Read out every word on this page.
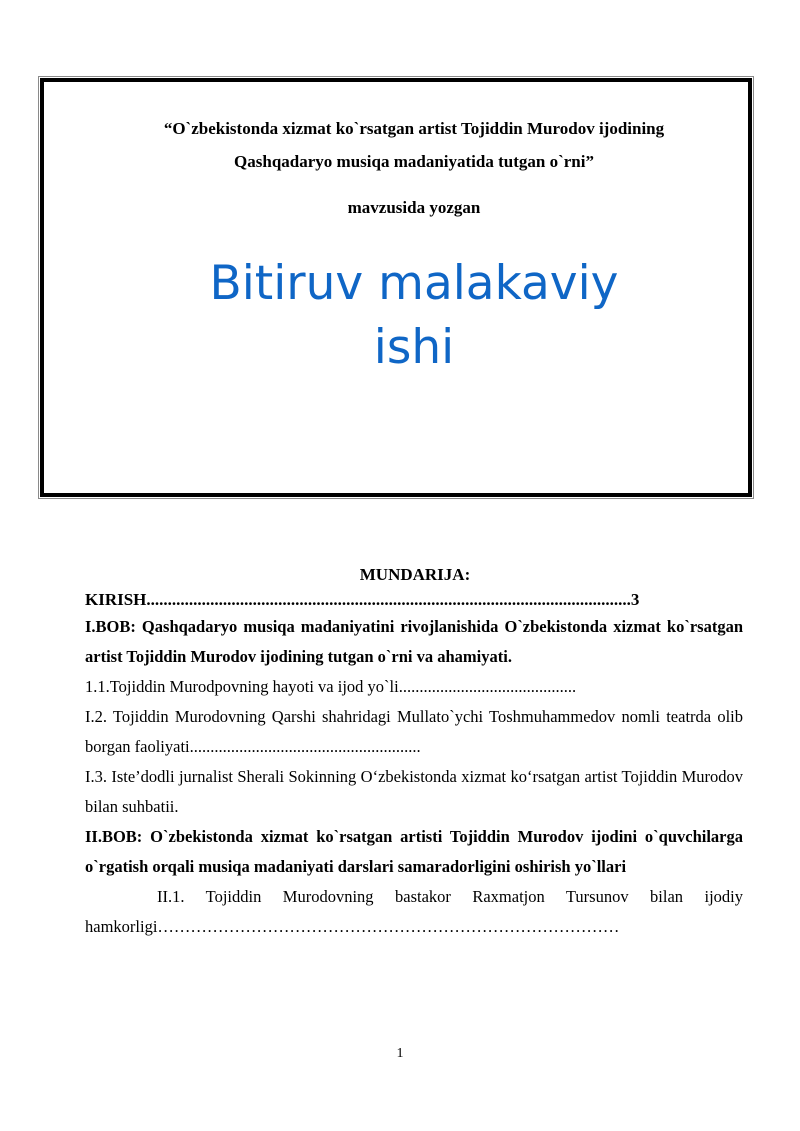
“O`zbekistonda xizmat ko`rsatgan artist Tojiddin Murodov ijodining
Qashqadaryo musiqa madaniyatida tutgan o`rni”
mavzusida yozgan
Bitiruv malakaviy
ishi
MUNDARIJA:
KIRISH..................................................................................................................3
I.BOB: Qashqadaryo musiqa madaniyatini rivojlanishida O`zbekistonda xizmat ko`rsatgan artist Tojiddin Murodov ijodining tutgan o`rni va ahamiyati.
1.1.Tojiddin Murodpovning hayoti va ijod yo`li...........................................
I.2. Tojiddin Murodovning Qarshi shahridagi Mullato`ychi Toshmuhammedov nomli teatrda olib borgan faoliyati........................................................
I.3. Iste’dodli jurnalist Sherali Sokinning O‘zbekistonda xizmat ko‘rsatgan artist Tojiddin Murodov bilan suhbatii.
II.BOB: O`zbekistonda xizmat ko`rsatgan artisti Tojiddin Murodov ijodini o`quvchilarga o`rgatish orqali musiqa madaniyati darslari samaradorligini oshirish yo`llari
II.1. Tojiddin Murodovning bastakor Raxmatjon Tursunov bilan ijodiy hamkorligi…………………………………………………………………………
1
